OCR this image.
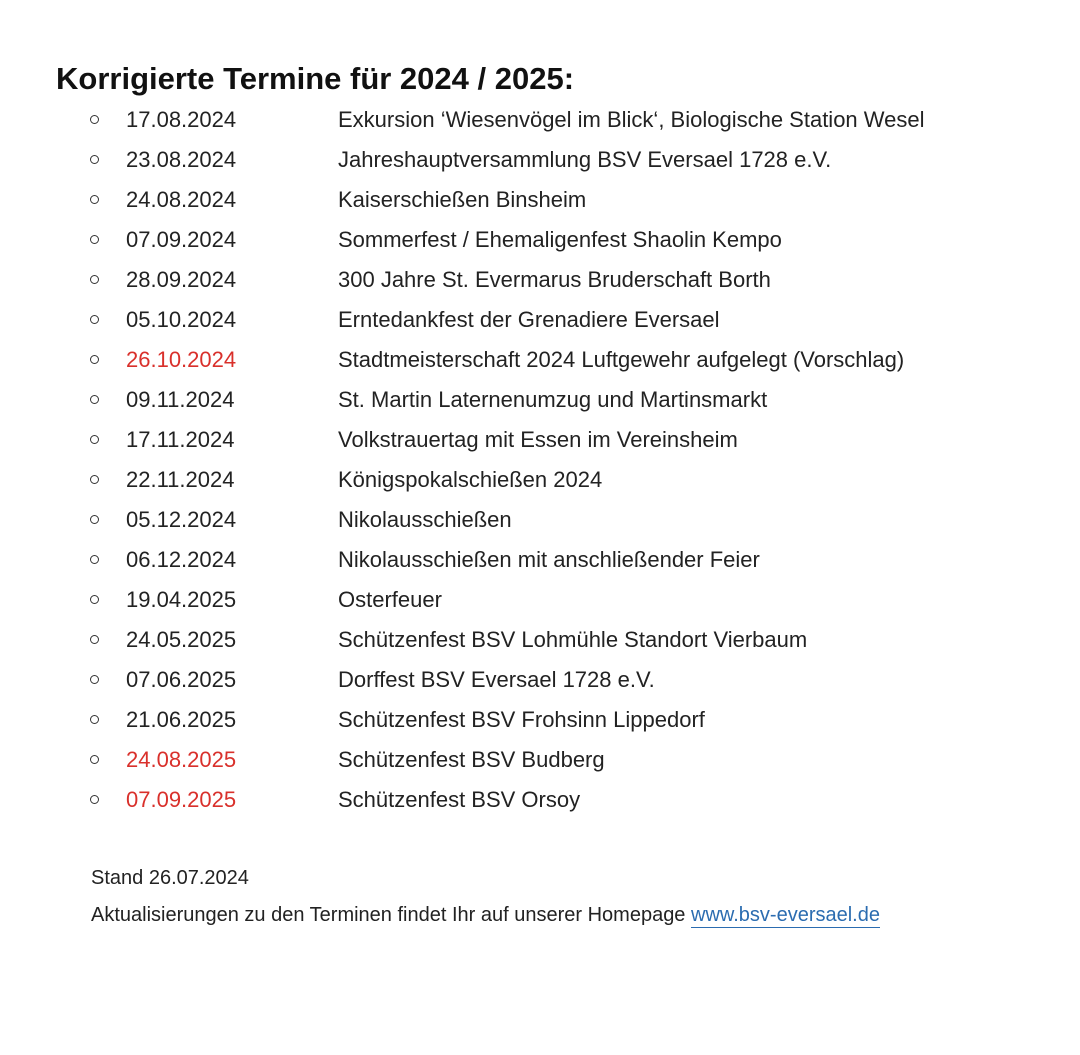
Korrigierte Termine für 2024 / 2025:
17.08.2024	Exkursion ‘Wiesenvögel im Blick‘, Biologische Station Wesel
23.08.2024	Jahreshauptversammlung BSV Eversael 1728 e.V.
24.08.2024	Kaiserschießen Binsheim
07.09.2024	Sommerfest / Ehemaligenfest Shaolin Kempo
28.09.2024	300 Jahre St. Evermarus Bruderschaft Borth
05.10.2024	Erntedankfest der Grenadiere Eversael
26.10.2024	Stadtmeisterschaft 2024 Luftgewehr aufgelegt (Vorschlag)
09.11.2024	St. Martin Laternenumzug und Martinsmarkt
17.11.2024	Volkstrauertag mit Essen im Vereinsheim
22.11.2024	Königspokalschießen 2024
05.12.2024	Nikolausschießen
06.12.2024	Nikolausschießen mit anschließender Feier
19.04.2025	Osterfeuer
24.05.2025	Schützenfest BSV Lohmühle Standort Vierbaum
07.06.2025	Dorffest BSV Eversael 1728 e.V.
21.06.2025	Schützenfest BSV Frohsinn Lippedorf
24.08.2025	Schützenfest BSV Budberg
07.09.2025	Schützenfest BSV Orsoy
Stand 26.07.2024
Aktualisierungen zu den Terminen findet Ihr auf unserer Homepage www.bsv-eversael.de
